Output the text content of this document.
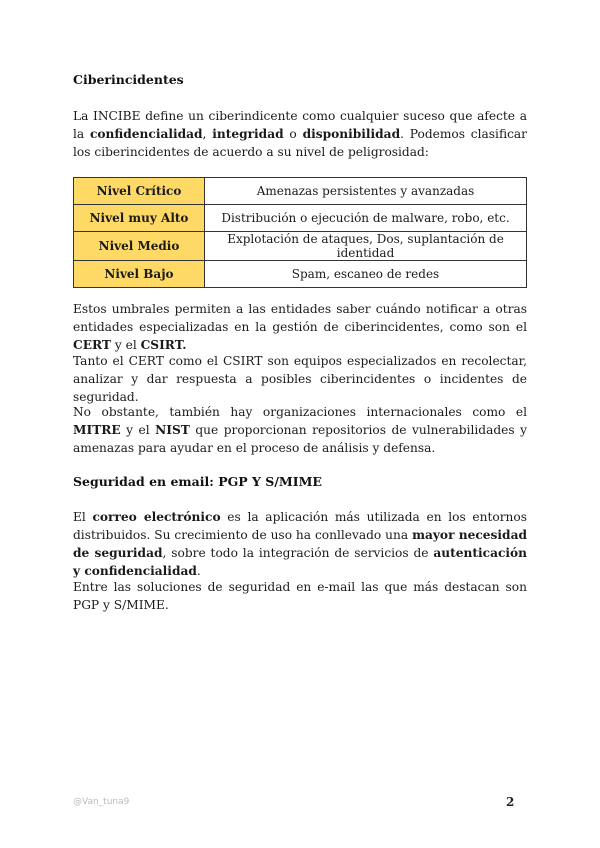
Ciberincidentes

La INCIBE define un ciberindicente como cualquier suceso que afecte a la confidencialidad, integridad o disponibilidad. Podemos clasificar los ciberincidentes de acuerdo a su nivel de peligrosidad:

Nivel Crítico	Amenazas persistentes y avanzadas
Nivel muy Alto	Distribución o ejecución de malware, robo, etc.
Nivel Medio	Explotación de ataques, Dos, suplantación de identidad
Nivel Bajo	Spam, escaneo de redes

Estos umbrales permiten a las entidades saber cuándo notificar a otras entidades especializadas en la gestión de ciberincidentes, como son el CERT y el CSIRT.

Tanto el CERT como el CSIRT son equipos especializados en recolectar, analizar y dar respuesta a posibles ciberincidentes o incidentes de seguridad.

No obstante, también hay organizaciones internacionales como el MITRE y el NIST que proporcionan repositorios de vulnerabilidades y amenazas para ayudar en el proceso de análisis y defensa.

Seguridad en email: PGP Y S/MIME

El correo electrónico es la aplicación más utilizada en los entornos distribuidos. Su crecimiento de uso ha conllevado una mayor necesidad de seguridad, sobre todo la integración de servicios de autenticación y confidencialidad.

Entre las soluciones de seguridad en e-mail las que más destacan son PGP y S/MIME.

@Van_tuna9	2
